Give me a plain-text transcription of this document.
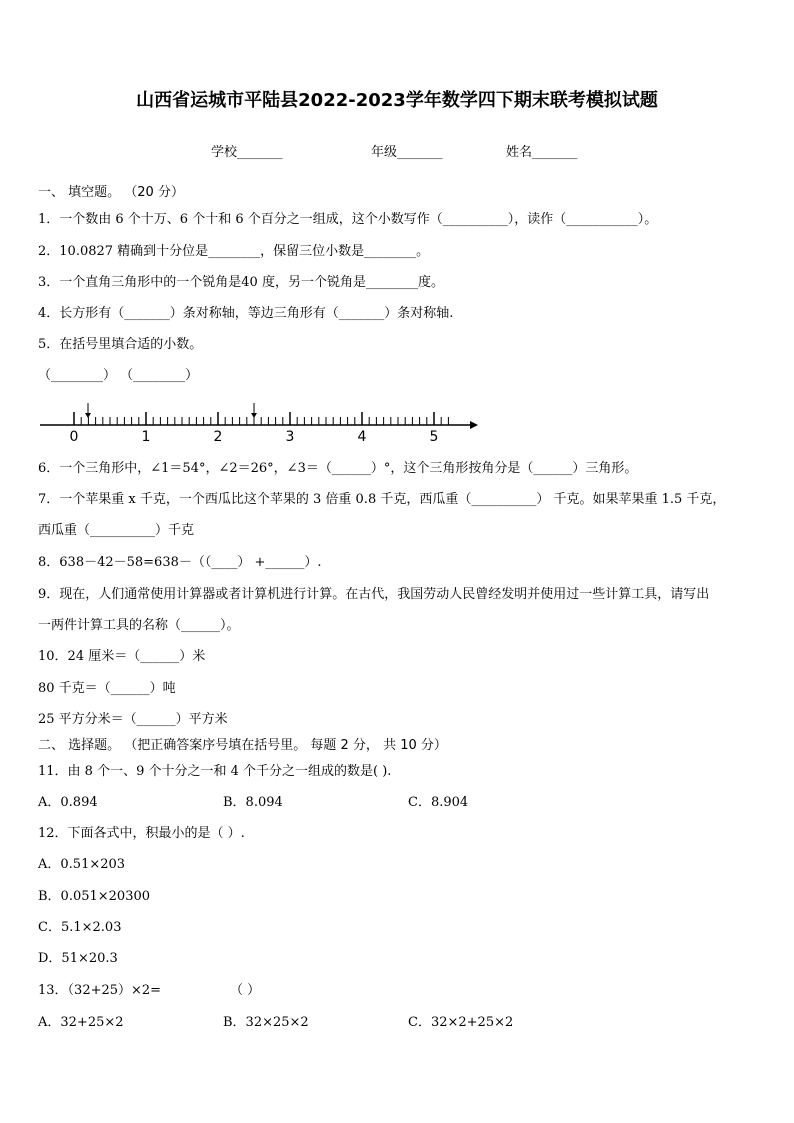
山西省运城市平陆县2022-2023学年数学四下期末联考模拟试题
学校_______	年级_______	姓名_______
一、 填空题。 （20 分）
1．一个数由 6 个十万、6 个十和 6 个百分之一组成，这个小数写作（__________），读作（___________）。
2．10.0827 精确到十分位是________，保留三位小数是________。
3．一个直角三角形中的一个锐角是40 度，另一个锐角是________度。
4．长方形有（_______）条对称轴，等边三角形有（_______）条对称轴.
5．在括号里填合适的小数。
（________） （________）
0	1	2	3	4	5
6．一个三角形中，∠1＝54°，∠2＝26°，∠3＝（______）°，这个三角形按角分是（______）三角形。
7．一个苹果重 x 千克，一个西瓜比这个苹果的 3 倍重 0.8 千克，西瓜重（__________） 千克。如果苹果重 1.5 千克，
西瓜重（__________）千克
8．638－42－58=638－（（____） +______）.
9．现在，人们通常使用计算器或者计算机进行计算。在古代，我国劳动人民曾经发明并使用过一些计算工具，请写出
一两件计算工具的名称（______）。
10．24 厘米＝（______）米
80 千克＝（______）吨
25 平方分米＝（______）平方米
二、 选择题。 （把正确答案序号填在括号里。 每题 2 分， 共 10 分）
11．由 8 个一、9 个十分之一和 4 个千分之一组成的数是( ).
A．0.894	B．8.094	C．8.904
12．下面各式中，积最小的是（ ）.
A．0.51×203
B．0.051×20300
C．5.1×2.03
D．51×20.3
13．（32+25）×2=	（ ）
A．32+25×2	B．32×25×2	C．32×2+25×2
